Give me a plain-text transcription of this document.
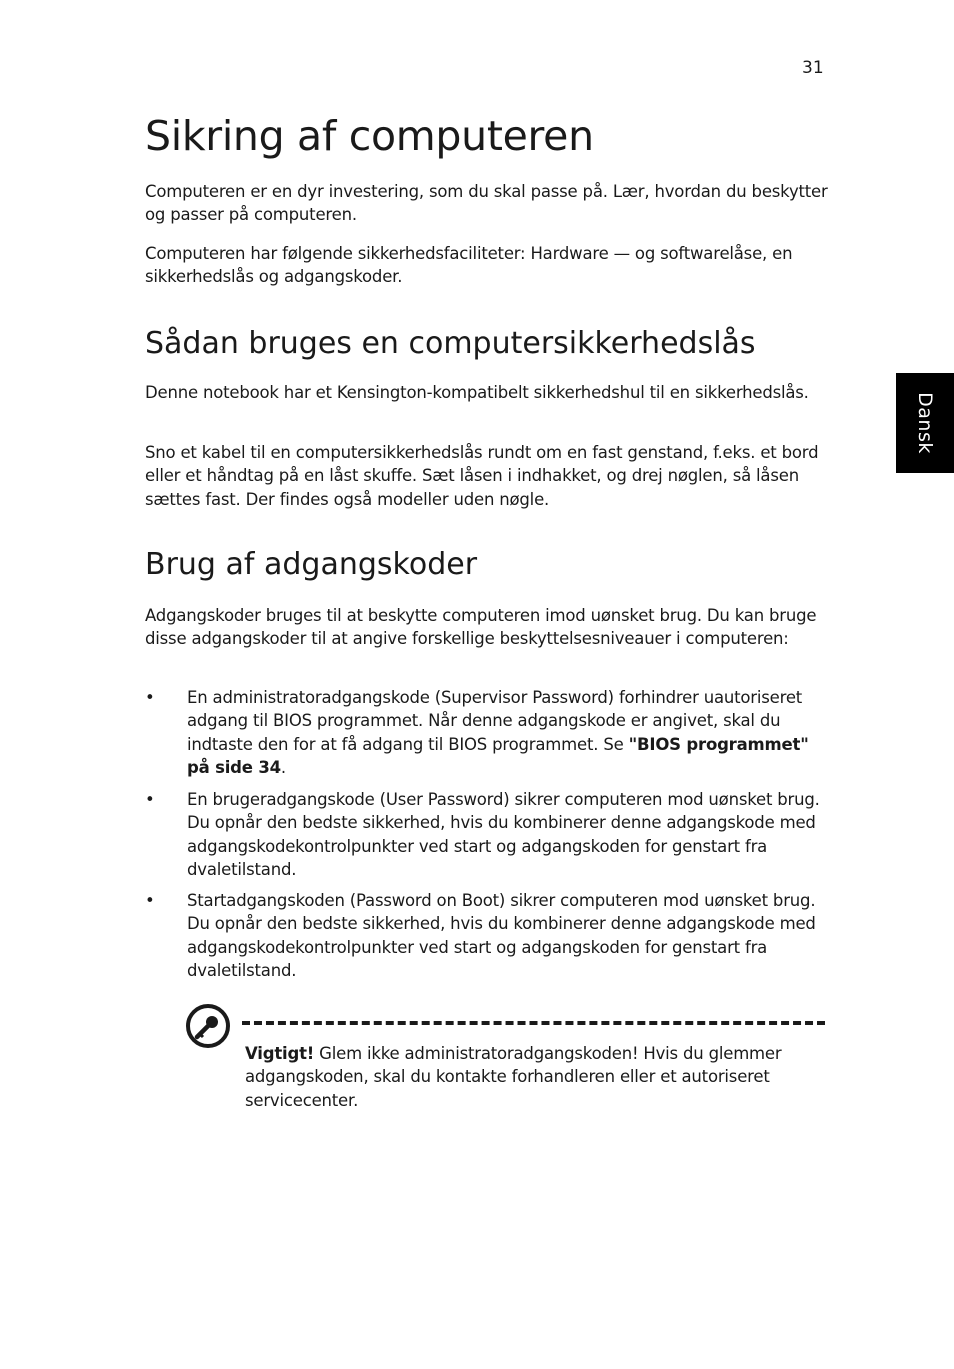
31
Dansk
Sikring af computeren

Computeren er en dyr investering, som du skal passe på. Lær, hvordan du beskytter og passer på computeren.

Computeren har følgende sikkerhedsfaciliteter: Hardware — og softwarelåse, en sikkerhedslås og adgangskoder.

Sådan bruges en computersikkerhedslås

Denne notebook har et Kensington-kompatibelt sikkerhedshul til en sikkerhedslås.

Sno et kabel til en computersikkerhedslås rundt om en fast genstand, f.eks. et bord eller et håndtag på en låst skuffe. Sæt låsen i indhakket, og drej nøglen, så låsen sættes fast. Der findes også modeller uden nøgle.

Brug af adgangskoder

Adgangskoder bruges til at beskytte computeren imod uønsket brug. Du kan bruge disse adgangskoder til at angive forskellige beskyttelsesniveauer i computeren:

• En administratoradgangskode (Supervisor Password) forhindrer uautoriseret adgang til BIOS programmet. Når denne adgangskode er angivet, skal du indtaste den for at få adgang til BIOS programmet. Se "BIOS programmet" på side 34.
• En brugeradgangskode (User Password) sikrer computeren mod uønsket brug. Du opnår den bedste sikkerhed, hvis du kombinerer denne adgangskode med adgangskodekontrolpunkter ved start og adgangskoden for genstart fra dvaletilstand.
• Startadgangskoden (Password on Boot) sikrer computeren mod uønsket brug. Du opnår den bedste sikkerhed, hvis du kombinerer denne adgangskode med adgangskodekontrolpunkter ved start og adgangskoden for genstart fra dvaletilstand.
Vigtigt! Glem ikke administratoradgangskoden! Hvis du glemmer adgangskoden, skal du kontakte forhandleren eller et autoriseret servicecenter.
